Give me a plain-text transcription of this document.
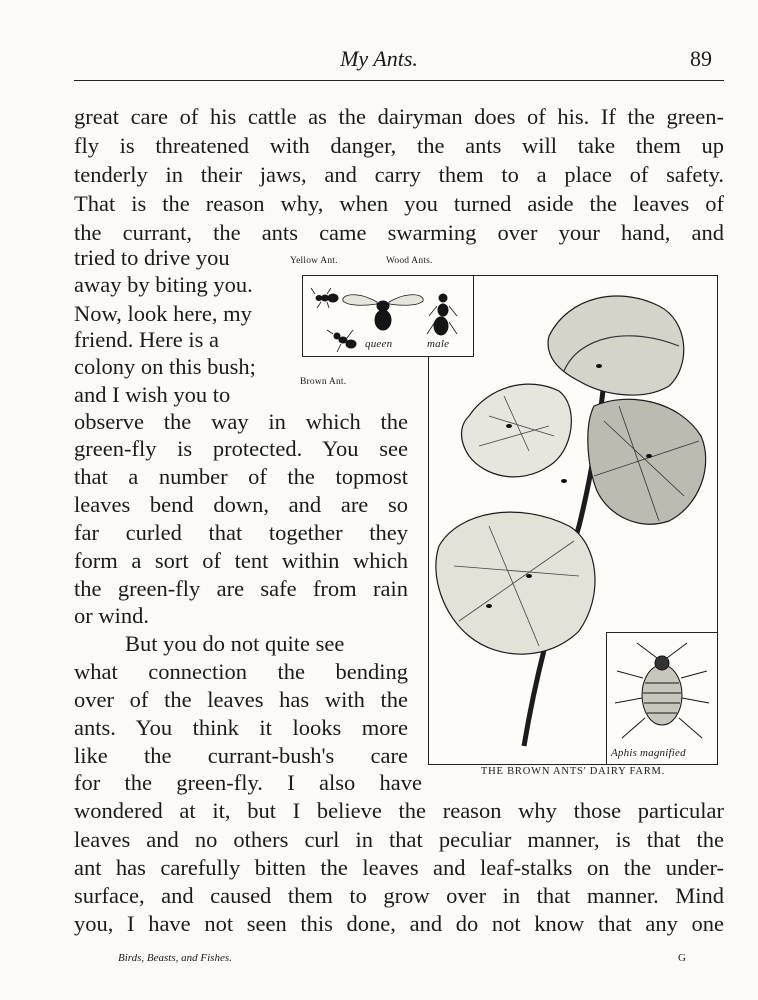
My Ants.	89
great care of his cattle as the dairyman does of his. If the green-
fly is threatened with danger, the ants will take them up
tenderly in their jaws, and carry them to a place of safety.
That is the reason why, when you turned aside the leaves of
the currant, the ants came swarming over your hand, and
tried to drive you
away by biting you.
Now, look here, my
friend. Here is a
colony on this bush;
and I wish you to
observe the way in which the
green-fly is protected. You see
that a number of the topmost
leaves bend down, and are so
far curled that together they
form a sort of tent within which
the green-fly are safe from rain
or wind.
But you do not quite see
what connection the bending
over of the leaves has with the
ants. You think it looks more
like the currant-bush's care
for the green-fly. I also have
wondered at it, but I believe the reason why those particular
leaves and no others curl in that peculiar manner, is that the
ant has carefully bitten the leaves and leaf-stalks on the under-
surface, and caused them to grow over in that manner. Mind
you, I have not seen this done, and do not know that any one
Yellow Ant.	Wood Ants.
Brown Ant.
queen	male
Aphis magnified
THE BROWN ANTS' DAIRY FARM.
Birds, Beasts, and Fishes.	G
